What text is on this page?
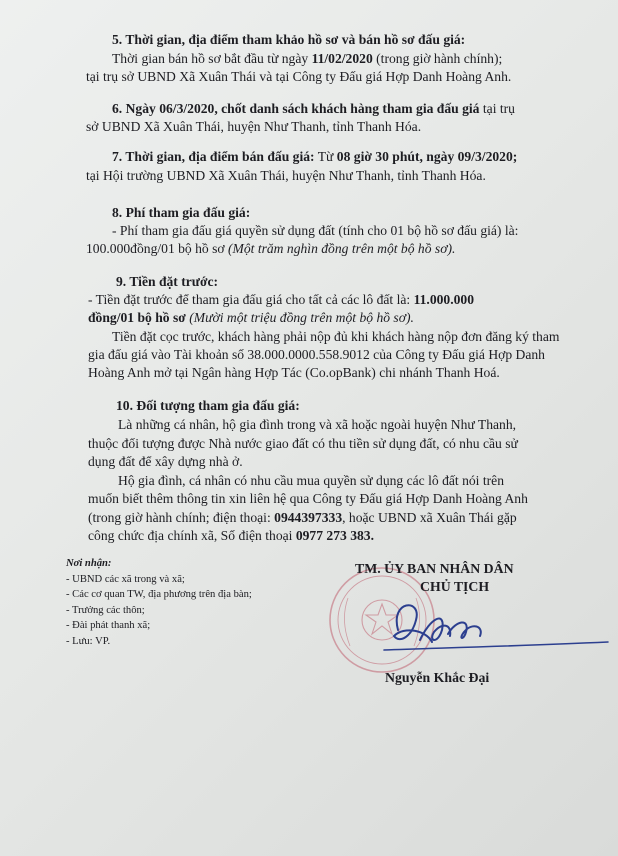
5. Thời gian, địa điểm tham khảo hồ sơ và bán hồ sơ đấu giá:

Thời gian bán hồ sơ bắt đầu từ ngày 11/02/2020 (trong giờ hành chính);

tại trụ sở UBND Xã Xuân Thái và tại Công ty Đấu giá Hợp Danh Hoàng Anh.

6. Ngày 06/3/2020, chốt danh sách khách hàng tham gia đấu giá tại trụ

sở UBND Xã Xuân Thái, huyện Như Thanh, tỉnh Thanh Hóa.

7. Thời gian, địa điểm bán đấu giá: Từ 08 giờ 30 phút, ngày 09/3/2020;

tại Hội trường UBND Xã Xuân Thái, huyện Như Thanh, tỉnh Thanh Hóa.

8. Phí tham gia đấu giá:

- Phí tham gia đấu giá quyền sử dụng đất (tính cho 01 bộ hồ sơ đấu giá) là:

100.000đồng/01 bộ hồ sơ (Một trăm nghìn đồng trên một bộ hồ sơ).

9. Tiền đặt trước:

- Tiền đặt trước để tham gia đấu giá cho tất cả các lô đất là: 11.000.000

đồng/01 bộ hồ sơ (Mười một triệu đồng trên một bộ hồ sơ).

Tiền đặt cọc trước, khách hàng phải nộp đủ khi khách hàng nộp đơn đăng ký tham

gia đấu giá vào Tài khoản số 38.000.0000.558.9012 của Công ty Đấu giá Hợp Danh

Hoàng Anh mở tại Ngân hàng Hợp Tác (Co.opBank) chi nhánh Thanh Hoá.

10. Đối tượng tham gia đấu giá:

Là những cá nhân, hộ gia đình trong và xã hoặc ngoài huyện Như Thanh,

thuộc đối tượng được Nhà nước giao đất có thu tiền sử dụng đất, có nhu cầu sử

dụng đất để xây dựng nhà ở.

Hộ gia đình, cá nhân có nhu cầu mua quyền sử dụng các lô đất nói trên

muốn biết thêm thông tin xin liên hệ qua Công ty Đấu giá Hợp Danh Hoàng Anh

(trong giờ hành chính; điện thoại: 0944397333, hoặc UBND xã Xuân Thái gặp

công chức địa chính xã, Số điện thoại 0977 273 383.

Nơi nhận:
- UBND các xã trong và xã;
- Các cơ quan TW, địa phương trên địa bàn;
- Trưởng các thôn;
- Đài phát thanh xã;
- Lưu: VP.
TM. ỦY BAN NHÂN DÂN
CHỦ TỊCH
Nguyễn Khắc Đại
